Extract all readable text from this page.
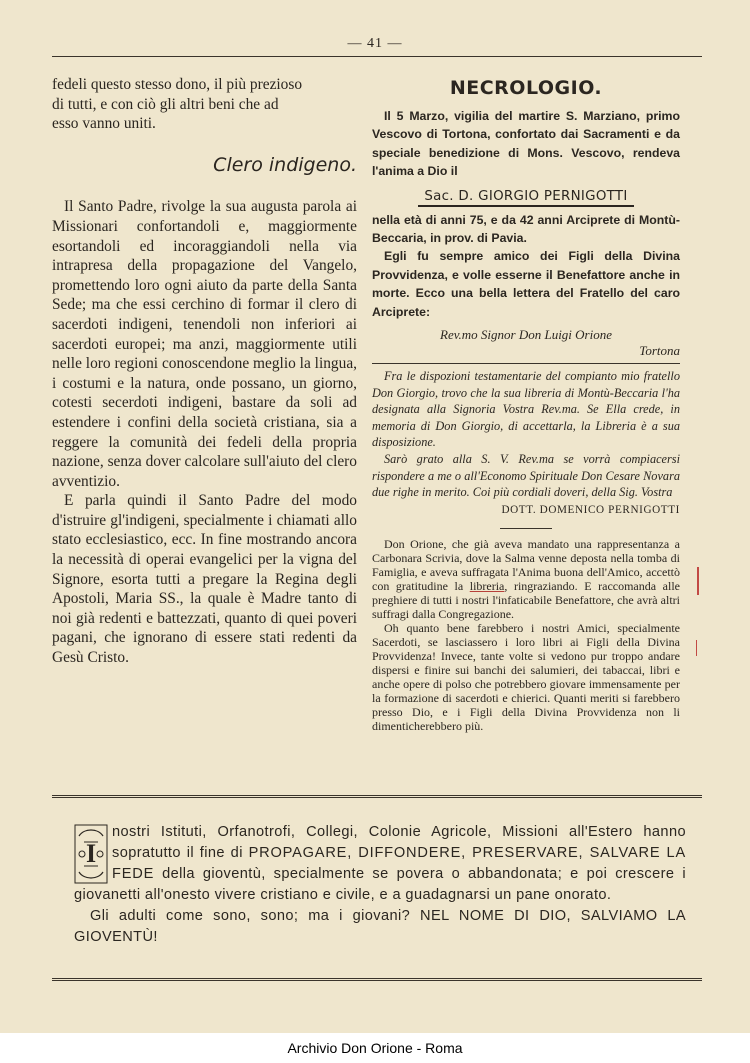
— 41 —

fedeli questo stesso dono, il più prezioso

di tutti, e con ciò gli altri beni che ad

esso vanno uniti.

Clero indigeno.

Il Santo Padre, rivolge la sua augusta parola ai Missionari confortandoli e, maggiormente esortandoli ed incoraggiandoli nella via intrapresa della propagazione del Vangelo, promettendo loro ogni aiuto da parte della Santa Sede; ma che essi cerchino di formar il clero di sacerdoti indigeni, tenendoli non inferiori ai sacerdoti europei; ma anzi, maggiormente utili nelle loro regioni conoscendone meglio la lingua, i costumi e la natura, onde possano, un giorno, cotesti secerdoti indigeni, bastare da soli ad estendere i confini della società cristiana, sia a reggere la comunità dei fedeli della propria nazione, senza dover calcolare sull'aiuto del clero avventizio.

E parla quindi il Santo Padre del modo d'istruire gl'indigeni, specialmente i chiamati allo stato ecclesiastico, ecc. In fine mostrando ancora la necessità di operai evangelici per la vigna del Signore, esorta tutti a pregare la Regina degli Apostoli, Maria SS., la quale è Madre tanto di noi già redenti e battezzati, quanto di quei poveri pagani, che ignorano di essere stati redenti da Gesù Cristo.

NECROLOGIO.

Il 5 Marzo, vigilia del martire S. Marziano, primo Vescovo di Tortona, confortato dai Sacramenti e da speciale benedizione di Mons. Vescovo, rendeva l'anima a Dio il

Sac. D. GIORGIO PERNIGOTTI

nella età di anni 75, e da 42 anni Arciprete di Montù-Beccaria, in prov. di Pavia.

Egli fu sempre amico dei Figli della Divina Provvidenza, e volle esserne il Benefattore anche in morte. Ecco una bella lettera del Fratello del caro Arciprete:

Rev.mo Signor Don Luigi Orione
Tortona

Fra le dispozioni testamentarie del compianto mio fratello Don Giorgio, trovo che la sua libreria di Montù-Beccaria l'ha designata alla Signoria Vostra Rev.ma. Se Ella crede, in memoria di Don Giorgio, di accettarla, la Libreria è a sua disposizione.

Sarò grato alla S. V. Rev.ma se vorrà compiacersi rispondere a me o all'Economo Spirituale Don Cesare Novara due righe in merito. Coi più cordiali doveri, della Sig. Vostra

DOTT. DOMENICO PERNIGOTTI

Don Orione, che già aveva mandato una rappresentanza a Carbonara Scrivia, dove la Salma venne deposta nella tomba di Famiglia, e aveva suffragata l'Anima buona dell'Amico, accettò con gratitudine la libreria, ringraziando. E raccomanda alle preghiere di tutti i nostri l'infaticabile Benefattore, che avrà altri suffragi dalla Congregazione.

Oh quanto bene farebbero i nostri Amici, specialmente Sacerdoti, se lasciassero i loro libri ai Figli della Divina Provvidenza! Invece, tante volte si vedono pur troppo andare dispersi e finire sui banchi dei salumieri, dei tabaccai, libri e anche opere di polso che potrebbero giovare immensamente per la formazione di sacerdoti e chierici. Quanti meriti si farebbero presso Dio, e i Figli della Divina Provvidenza non li dimenticherebbero più.

I

nostri Istituti, Orfanotrofi, Collegi, Colonie Agricole, Missioni all'Estero hanno sopratutto il fine di PROPAGARE, DIFFONDERE, PRESERVARE, SALVARE LA FEDE della gioventù, specialmente se povera o abbandonata; e poi crescere i giovanetti all'onesto vivere cristiano e civile, e a guadagnarsi un pane onorato.

Gli adulti come sono, sono; ma i giovani? NEL NOME DI DIO, SALVIAMO LA GIOVENTÙ!

Archivio Don Orione - Roma
